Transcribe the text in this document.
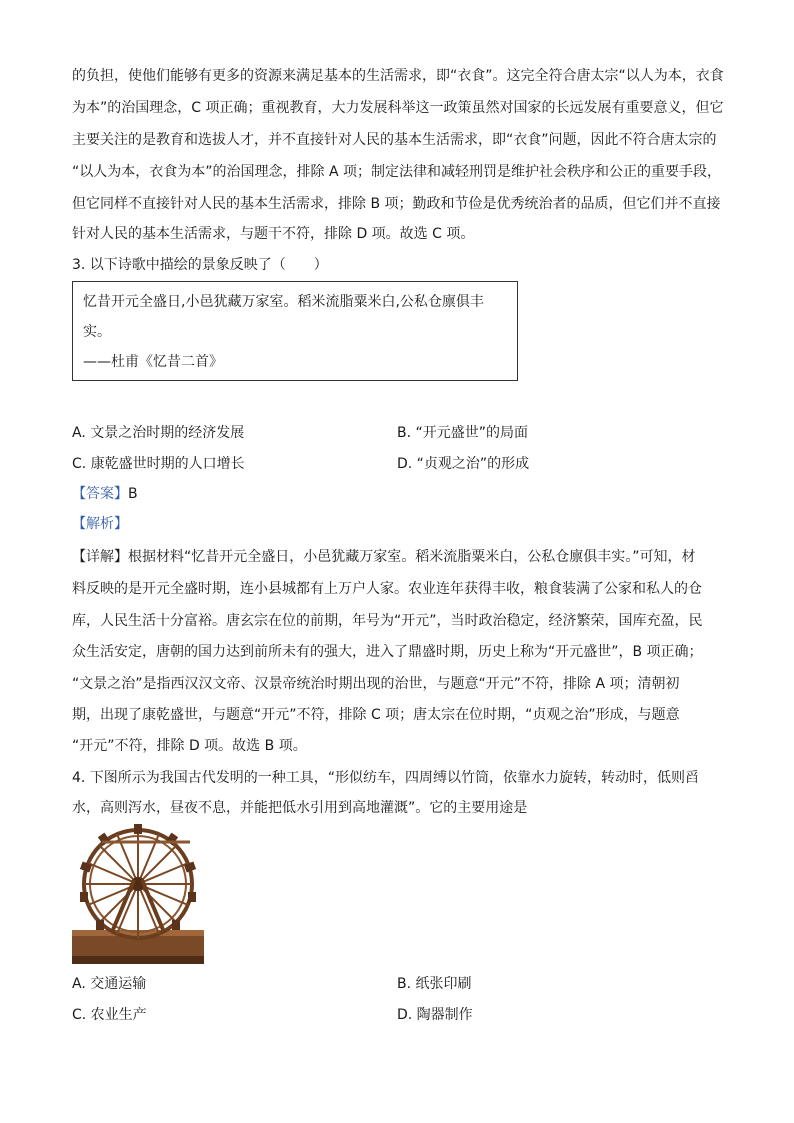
的负担，使他们能够有更多的资源来满足基本的生活需求，即“衣食”。这完全符合唐太宗“以人为本，衣食
为本”的治国理念，C 项正确；重视教育，大力发展科举这一政策虽然对国家的长远发展有重要意义，但它
主要关注的是教育和选拔人才，并不直接针对人民的基本生活需求，即“衣食”问题，因此不符合唐太宗的
“以人为本，衣食为本”的治国理念，排除 A 项；制定法律和减轻刑罚是维护社会秩序和公正的重要手段，
但它同样不直接针对人民的基本生活需求，排除 B 项；勤政和节俭是优秀统治者的品质，但它们并不直接
针对人民的基本生活需求，与题干不符，排除 D 项。故选 C 项。
3. 以下诗歌中描绘的景象反映了（　　）
忆昔开元全盛日,小邑犹藏万家室。稻米流脂粟米白,公私仓廪俱丰
实。
——杜甫《忆昔二首》
A. 文景之治时期的经济发展	B. “开元盛世”的局面
C. 康乾盛世时期的人口增长	D. “贞观之治”的形成
【答案】B
【解析】
【详解】根据材料“忆昔开元全盛日，小邑犹藏万家室。稻米流脂粟米白，公私仓廪俱丰实。”可知，材
料反映的是开元全盛时期，连小县城都有上万户人家。农业连年获得丰收，粮食装满了公家和私人的仓
库，人民生活十分富裕。唐玄宗在位的前期，年号为“开元”，当时政治稳定，经济繁荣，国库充盈，民
众生活安定，唐朝的国力达到前所未有的强大，进入了鼎盛时期，历史上称为“开元盛世”，B 项正确；
“文景之治”是指西汉汉文帝、汉景帝统治时期出现的治世，与题意“开元”不符，排除 A 项；清朝初
期，出现了康乾盛世，与题意“开元”不符，排除 C 项；唐太宗在位时期，“贞观之治”形成，与题意
“开元”不符，排除 D 项。故选 B 项。
4. 下图所示为我国古代发明的一种工具，“形似纺车，四周缚以竹筒，依靠水力旋转，转动时，低则舀
水，高则泻水，昼夜不息，并能把低水引用到高地灌溉”。它的主要用途是
A. 交通运输	B. 纸张印刷
C. 农业生产	D. 陶器制作
